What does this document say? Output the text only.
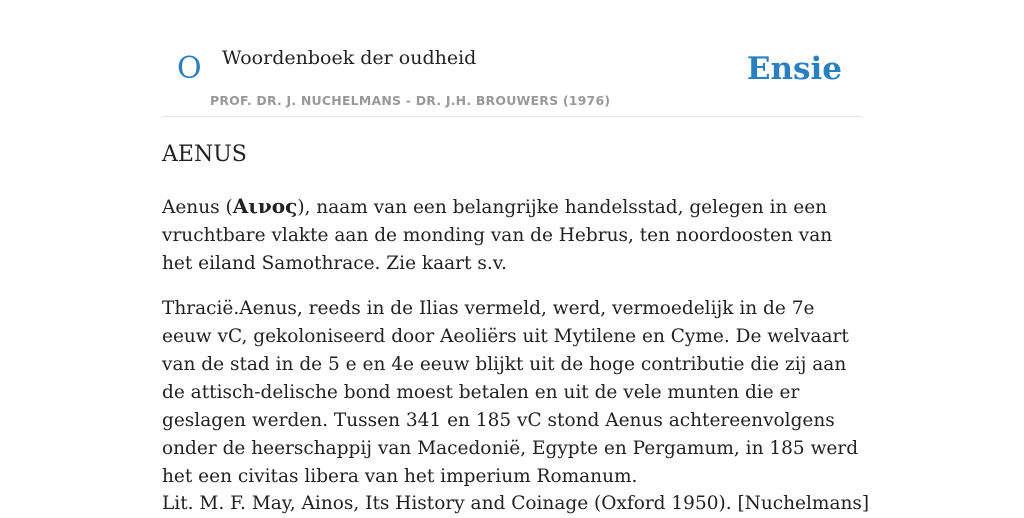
O Woordenboek der oudheid
PROF. DR. J. NUCHELMANS - DR. J.H. BROUWERS (1976)
Ensie
AENUS

Aenus (Αινος), naam van een belangrijke handelsstad, gelegen in een vruchtbare vlakte aan de monding van de Hebrus, ten noordoosten van het eiland Samothrace. Zie kaart s.v.

Thracië.Aenus, reeds in de Ilias vermeld, werd, vermoedelijk in de 7e eeuw vC, gekoloniseerd door Aeoliërs uit Mytilene en Cyme. De welvaart van de stad in de 5 e en 4e eeuw blijkt uit de hoge contributie die zij aan de attisch-delische bond moest betalen en uit de vele munten die er geslagen werden. Tussen 341 en 185 vC stond Aenus achtereenvolgens onder de heerschappij van Macedonië, Egypte en Pergamum, in 185 werd het een civitas libera van het imperium Romanum.

Lit. M. F. May, Ainos, Its History and Coinage (Oxford 1950). [Nuchelmans]
